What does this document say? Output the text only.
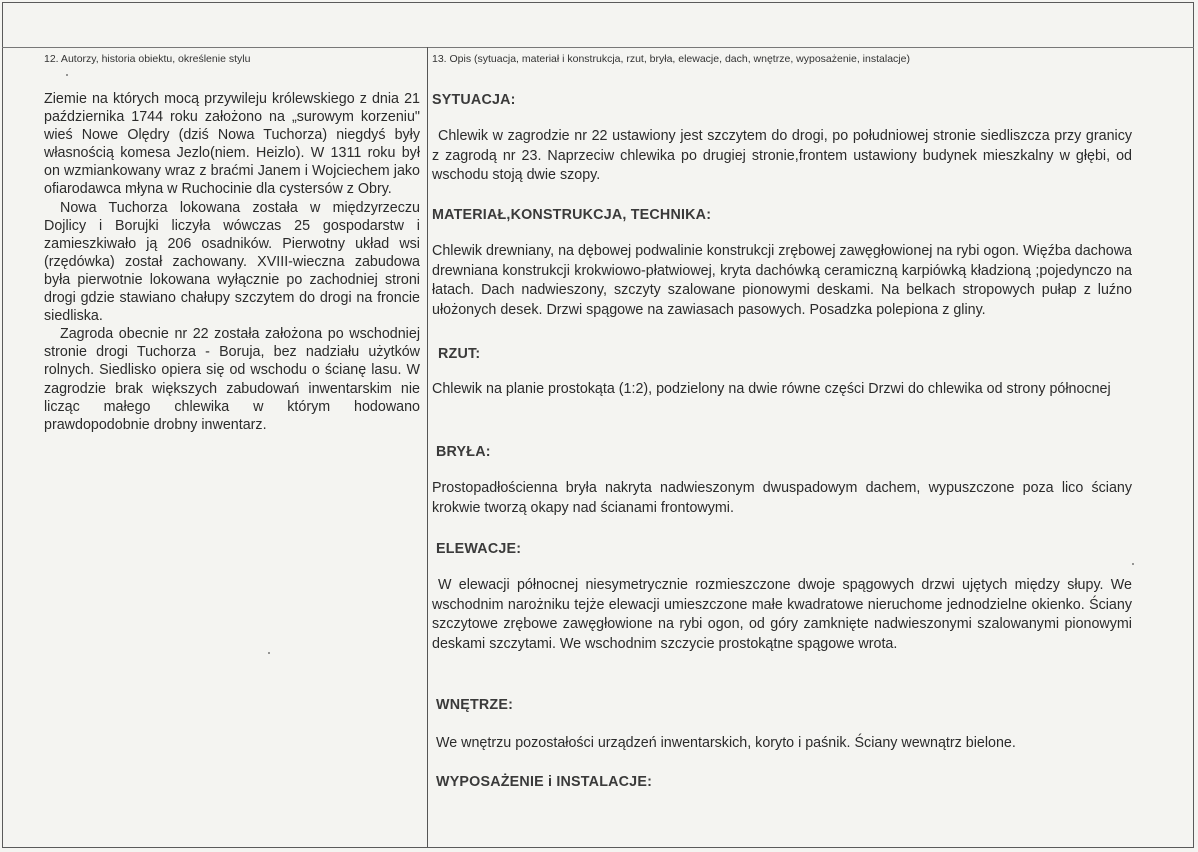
12. Autorzy, historia obiektu, określenie stylu

Ziemie na których mocą przywileju królewskiego z dnia 21 października 1744 roku założono na „surowym korzeniu" wieś Nowe Olędry (dziś Nowa Tuchorza) niegdyś były własnością komesa Jezlo(niem. Heizlo). W 1311 roku był on wzmiankowany wraz z braćmi Janem i Wojciechem jako ofiarodawca młyna w Ruchocinie dla cystersów z Obry.

Nowa Tuchorza lokowana została w międzyrzeczu Dojlicy i Borujki liczyła wówczas 25 gospodarstw i zamieszkiwało ją 206 osadników. Pierwotny układ wsi (rzędówka) został zachowany. XVIII-wieczna zabudowa była pierwotnie lokowana wyłącznie po zachodniej stroni drogi gdzie stawiano chałupy szczytem do drogi na froncie siedliska.

Zagroda obecnie nr 22 została założona po wschodniej stronie drogi Tuchorza - Boruja, bez nadziału użytków rolnych. Siedlisko opiera się od wschodu o ścianę lasu. W zagrodzie brak większych zabudowań inwentarskim nie licząc małego chlewika w którym hodowano prawdopodobnie drobny inwentarz.

13. Opis (sytuacja, materiał i konstrukcja, rzut, bryła, elewacje, dach, wnętrze, wyposażenie, instalacje)
SYTUACJA:
Chlewik w zagrodzie nr 22 ustawiony jest szczytem do drogi, po południowej stronie siedliszcza przy granicy z zagrodą nr 23. Naprzeciw chlewika po drugiej stronie,frontem ustawiony budynek mieszkalny w głębi, od wschodu stoją dwie szopy.
MATERIAŁ,KONSTRUKCJA, TECHNIKA:
Chlewik drewniany, na dębowej podwalinie konstrukcji zrębowej zawęgłowionej na rybi ogon. Więźba dachowa drewniana konstrukcji krokwiowo-płatwiowej, kryta dachówką ceramiczną karpiówką kładzioną ;pojedynczo na łatach. Dach nadwieszony, szczyty szalowane pionowymi deskami. Na belkach stropowych pułap z luźno ułożonych desek. Drzwi spągowe na zawiasach pasowych. Posadzka polepiona z gliny.
RZUT:
Chlewik na planie prostokąta (1:2), podzielony na dwie równe części Drzwi do chlewika od strony północnej
BRYŁA:
Prostopadłościenna bryła nakryta nadwieszonym dwuspadowym dachem, wypuszczone poza lico ściany krokwie tworzą okapy nad ścianami frontowymi.
ELEWACJE:
W elewacji północnej niesymetrycznie rozmieszczone dwoje spągowych drzwi ujętych między słupy. We wschodnim narożniku tejże elewacji umieszczone małe kwadratowe nieruchome jednodzielne okienko. Ściany szczytowe zrębowe zawęgłowione na rybi ogon, od góry zamknięte nadwieszonymi szalowanymi pionowymi deskami szczytami. We wschodnim szczycie prostokątne spągowe wrota.
WNĘTRZE:
We wnętrzu pozostałości urządzeń inwentarskich, koryto i paśnik. Ściany wewnątrz bielone.
WYPOSAŻENIE i INSTALACJE:
